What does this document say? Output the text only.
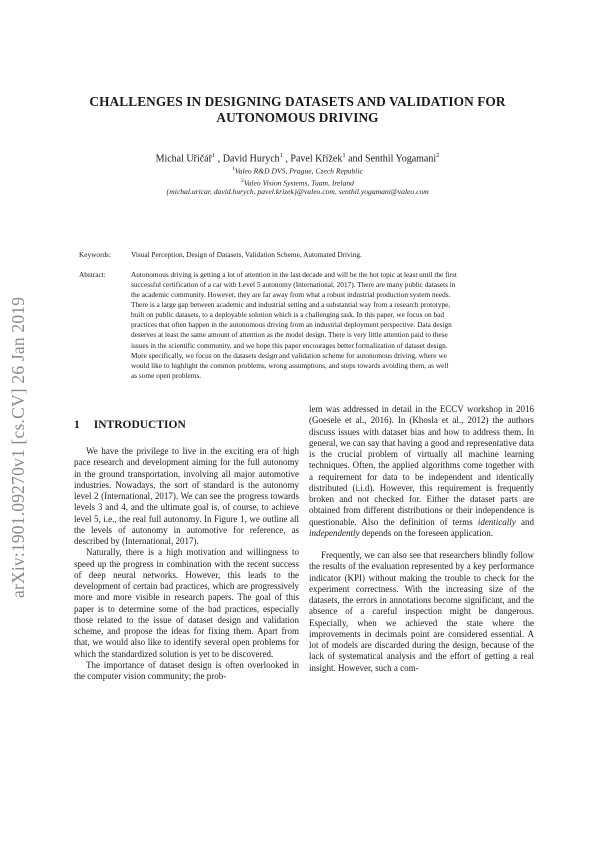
arXiv:1901.09270v1 [cs.CV] 26 Jan 2019
CHALLENGES IN DESIGNING DATASETS AND VALIDATION FOR
AUTONOMOUS DRIVING
Michal Uřičář$^1$ , David Hurych$^1$ , Pavel Křížek$^1$ and Senthil Yogamani$^2$
$^1$Valeo R&D DVS, Prague, Czech Republic
$^2$Valeo Vision Systems, Tuam, Ireland
{michal.uricar, david.hurych, pavel.krizek}@valeo.com, senthil.yogamani@valeo.com
Keywords:	Visual Perception, Design of Datasets, Validation Scheme, Automated Driving.
Abstract:	Autonomous driving is getting a lot of attention in the last decade and will be the hot topic at least until the first
successful certification of a car with Level 5 autonomy (International, 2017). There are many public datasets in
the academic community. However, they are far away from what a robust industrial production system needs.
There is a large gap between academic and industrial setting and a substantial way from a research prototype,
built on public datasets, to a deployable solution which is a challenging task. In this paper, we focus on bad
practices that often happen in the autonomous driving from an industrial deployment perspective. Data design
deserves at least the same amount of attention as the model design. There is very little attention paid to these
issues in the scientific community, and we hope this paper encourages better formalization of dataset design.
More specifically, we focus on the datasets design and validation scheme for autonomous driving, where we
would like to highlight the common problems, wrong assumptions, and steps towards avoiding them, as well
as some open problems.
1 INTRODUCTION

We have the privilege to live in the exciting era of high pace research and development aiming for the full autonomy in the ground transportation, involving all major automotive industries. Nowadays, the sort of standard is the autonomy level 2 (International, 2017). We can see the progress towards levels 3 and 4, and the ultimate goal is, of course, to achieve level 5, i.e., the real full autonomy. In Figure 1, we outline all the levels of autonomy in automotive for reference, as described by (International, 2017).

Naturally, there is a high motivation and willingness to speed up the progress in combination with the recent success of deep neural networks. However, this leads to the development of certain bad practices, which are progressively more and more visible in research papers. The goal of this paper is to determine some of the bad practices, especially those related to the issue of dataset design and validation scheme, and propose the ideas for fixing them. Apart from that, we would also like to identify several open problems for which the standardized solution is yet to be discovered.

The importance of dataset design is often overlooked in the computer vision community; the prob-

lem was addressed in detail in the ECCV workshop in 2016 (Goesele et al., 2016). In (Khosla et al., 2012) the authors discuss issues with dataset bias and how to address them. In general, we can say that having a good and representative data is the crucial problem of virtually all machine learning techniques. Often, the applied algorithms come together with a requirement for data to be independent and identically distributed (i.i.d). However, this requirement is frequently broken and not checked for. Either the dataset parts are obtained from different distributions or their independence is questionable. Also the definition of terms identically and independently depends on the foreseen application.

Frequently, we can also see that researchers blindly follow the results of the evaluation represented by a key performance indicator (KPI) without making the trouble to check for the experiment correctness. With the increasing size of the datasets, the errors in annotations become significant, and the absence of a careful inspection might be dangerous. Especially, when we achieved the state where the improvements in decimals point are considered essential. A lot of models are discarded during the design, because of the lack of systematical analysis and the effort of getting a real insight. However, such a com-
